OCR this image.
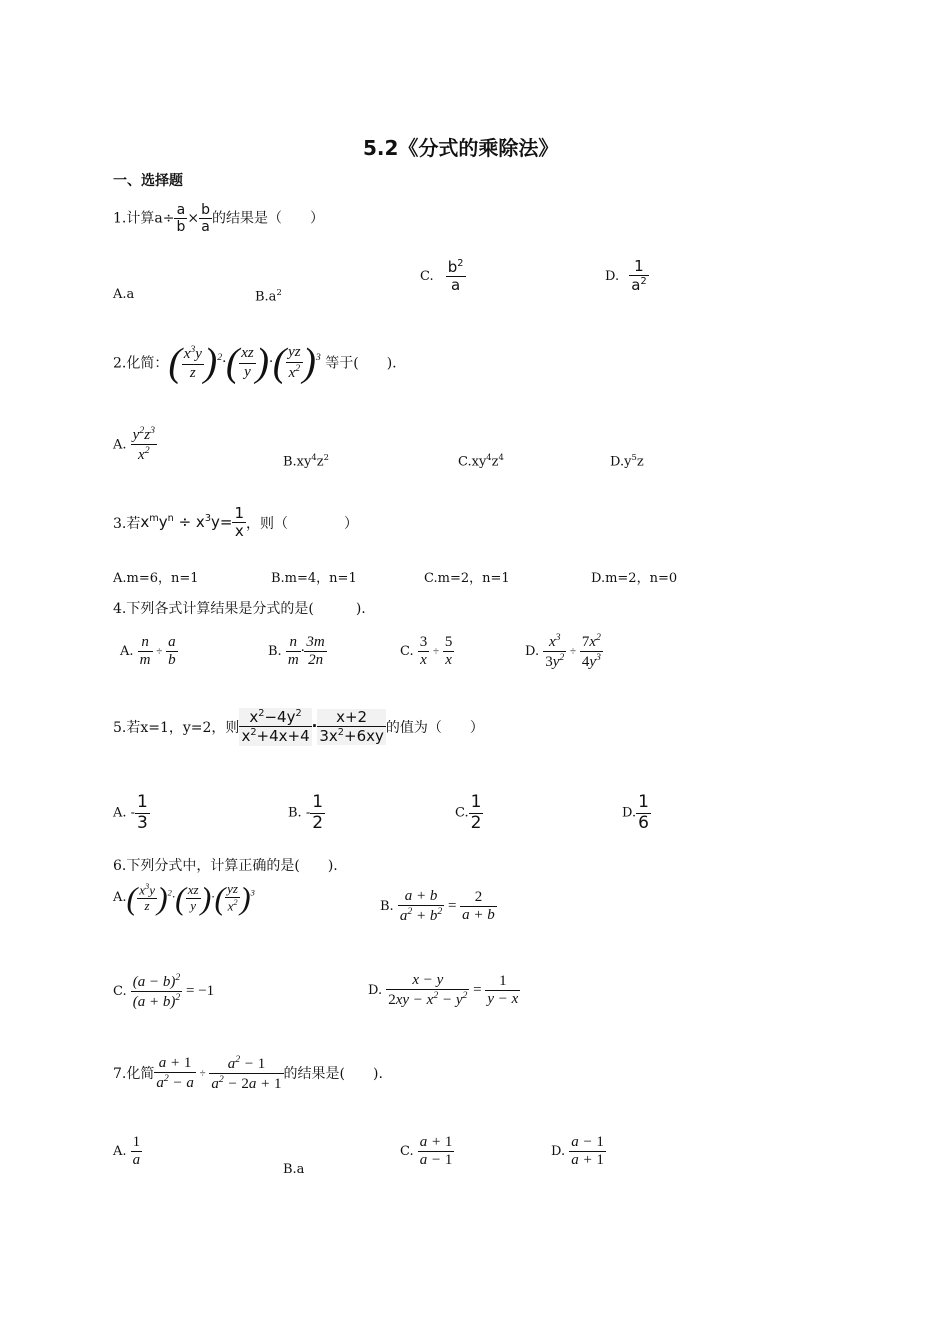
5.2《分式的乘除法》
一、选择题
1.计算$a\div \frac{a}{b} \times \frac{b}{a}$ 的结果是（　　）
A.a	$B.a^2$
C. $\frac{b^2}{a}$	D. $\frac{1}{a^2}$
2.化简：( $\frac{x^3y}{z} )^2\cdot( \frac{xz}{y}$ )·( $\frac{yz}{x^2} )^3$ 等于(　　).
A. $\frac{y^2z^3}{x^2}$	$B.xy^4z^2$	$C.xy^4z^4$	$D.y^5z$
3.若$x^my^n \div x^3y= \frac{1}{x}$ ，则（　　　　）
A.m=6，n=1	B.m=4，n=1	C.m=2，n=1	D.m=2，n=0
4.下列各式计算结果是分式的是(　　　).
A. $\frac{n}{m} \div \frac{a}{b}$	B. $\frac{n}{m} \cdot \frac{3m}{2n}$	C. $\frac{3}{x} \div \frac{5}{x}$	D. $\frac{x^3}{3y^2} \div \frac{7x^2}{4y^3}$
5.若x=1，y=2，则 $\frac{x^2-4y^2}{x^2+4x+4} \cdot \frac{x+2}{3x^2+6xy}$ 的值为（　　）
A. - $\frac{1}{3}$	B. - $\frac{1}{2}$	C. $\frac{1}{2}$	D. $\frac{1}{6}$
6.下列分式中，计算正确的是(　　).
$A.( \frac{x^3y}{z} )^2\cdot( \frac{xz}{y}$ )·( $\frac{yz}{x^2} )^3$
B. $\frac{a + b}{a^2 + b^2} = \frac{2}{a + b}$
C. $\frac{(a - b)^2}{(a + b)^2} = -1$	D. $\frac{x - y}{2xy - x^2 - y^2} = \frac{1}{y - x}$
7.化简 $\frac{a + 1}{a^2 - a} \div \frac{a^2 - 1}{a^2 - 2a + 1}$ 的结果是(　　).
A. $\frac{1}{a}$	B.a
C. $\frac{a + 1}{a - 1}$	D. $\frac{a - 1}{a + 1}$
